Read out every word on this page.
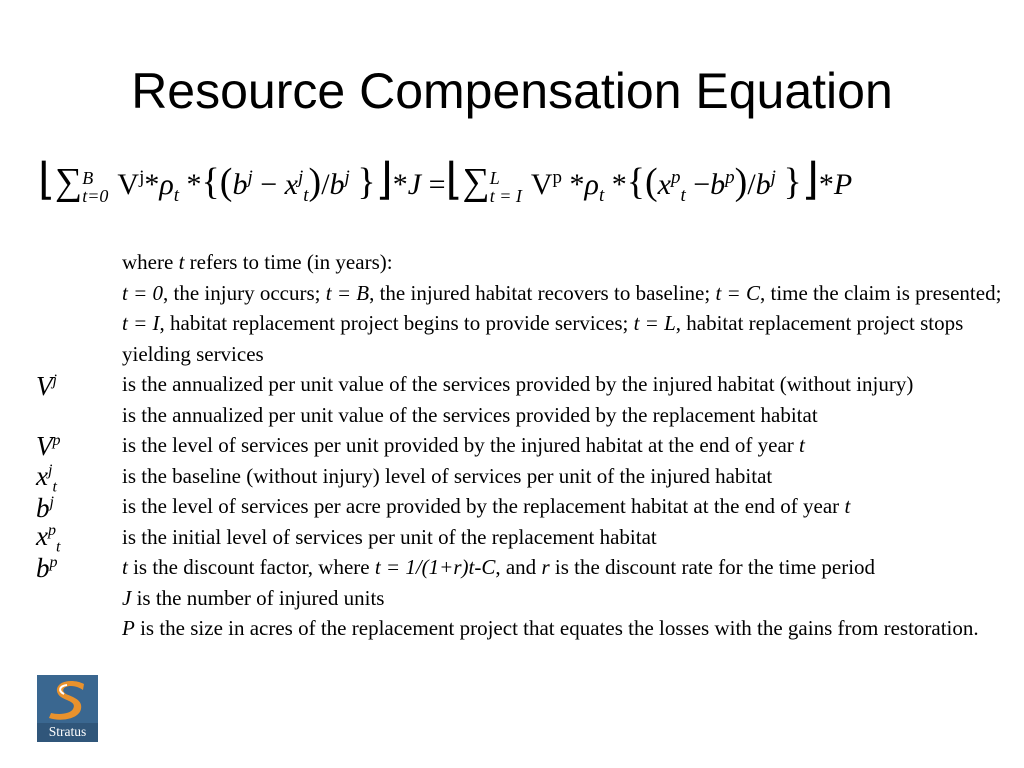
Resource Compensation Equation
⌊∑B
t=0 $V^j*\rho_t$ $*\{(b^j - x^j_t)/b^j$ }⌋*J =⌊∑L
t = I $V^p$ $*\rho_t$ $*\{(x^p_t -b^p)/b^j$ }⌋*P

where t refers to time (in years):

t = 0, the injury occurs; t = B, the injured habitat recovers to baseline; t = C, time the claim is presented; t = I, habitat replacement project begins to provide services; t = L, habitat replacement project stops yielding services

is the annualized per unit value of the services provided by the injured habitat (without injury)

is the annualized per unit value of the services provided by the replacement habitat

is the level of services per unit provided by the injured habitat at the end of year t

is the baseline (without injury) level of services per unit of the injured habitat

is the level of services per acre provided by the replacement habitat at the end of year t

is the initial level of services per unit of the replacement habitat

t is the discount factor, where t = 1/(1+r)t-C, and r is the discount rate for the time period

J is the number of injured units

P is the size in acres of the replacement project that equates the losses with the gains from restoration.

$V^j$
$V^p$
$x^j_t$
$b^j$
$x^p_t$
$b^p$
Stratus
